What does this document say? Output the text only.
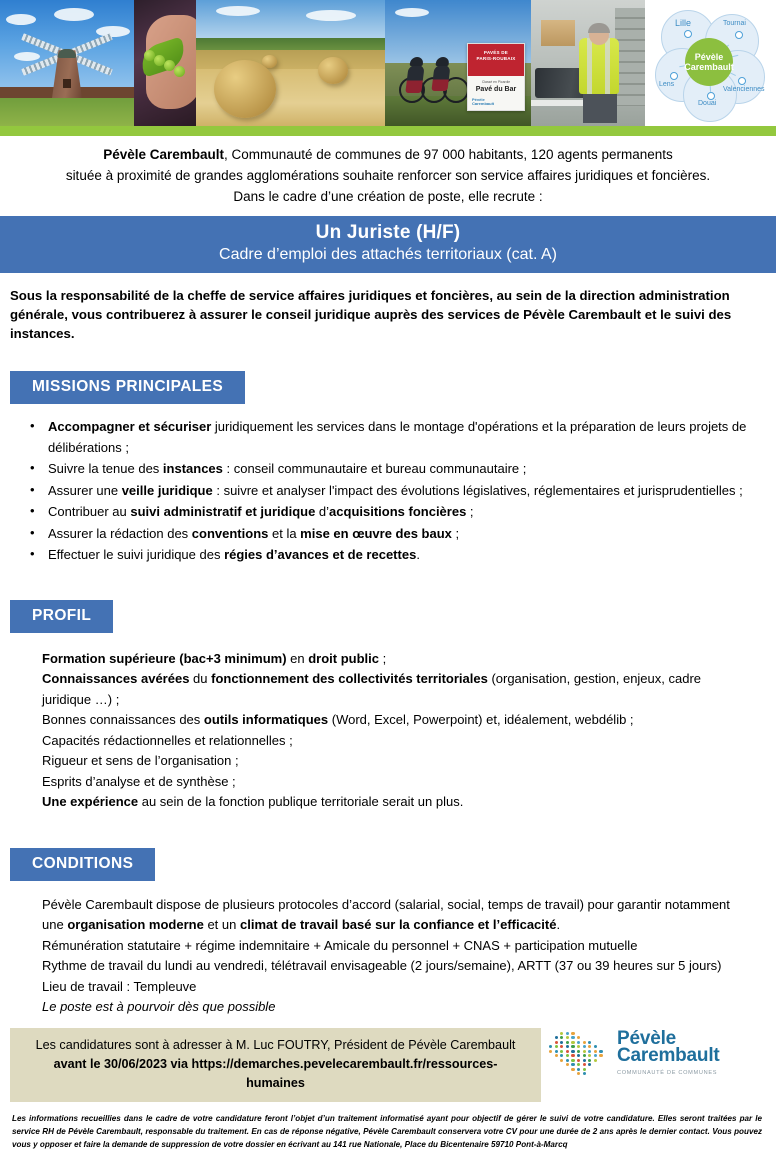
PAVÉS DE
PARIS-ROUBAIX
Classé en Picardie
Pavé du Bar
Pévèle
Carembault
Pévèle Carembault
Lille	Tournai
Lens
Valenciennes
Douai
Pévèle Carembault, Communauté de communes de 97 000 habitants, 120 agents permanents
située à proximité de grandes agglomérations souhaite renforcer son service affaires juridiques et foncières.
Dans le cadre d’une création de poste, elle recrute :
Un Juriste (H/F)
Cadre d’emploi des attachés territoriaux (cat. A)
Sous la responsabilité de la cheffe de service affaires juridiques et foncières, au sein de la direction administration générale, vous contribuerez à assurer le conseil juridique auprès des services de Pévèle Carembault et le suivi des instances.
MISSIONS PRINCIPALES
• Accompagner et sécuriser juridiquement les services dans le montage d'opérations et la préparation de leurs projets de délibérations ;
• Suivre la tenue des instances : conseil communautaire et bureau communautaire ;
• Assurer une veille juridique : suivre et analyser l'impact des évolutions législatives, réglementaires et jurisprudentielles ;
• Contribuer au suivi administratif et juridique d’acquisitions foncières ;
• Assurer la rédaction des conventions et la mise en œuvre des baux ;
• Effectuer le suivi juridique des régies d’avances et de recettes.
PROFIL
Formation supérieure (bac+3 minimum) en droit public ;
Connaissances avérées du fonctionnement des collectivités territoriales (organisation, gestion, enjeux, cadre juridique …) ;
Bonnes connaissances des outils informatiques (Word, Excel, Powerpoint) et, idéalement, webdélib ;
Capacités rédactionnelles et relationnelles ;
Rigueur et sens de l’organisation ;
Esprits d’analyse et de synthèse ;
Une expérience au sein de la fonction publique territoriale serait un plus.
CONDITIONS
Pévèle Carembault dispose de plusieurs protocoles d’accord (salarial, social, temps de travail) pour garantir notamment une organisation moderne et un climat de travail basé sur la confiance et l’efficacité.
Rémunération statutaire + régime indemnitaire + Amicale du personnel + CNAS + participation mutuelle
Rythme de travail du lundi au vendredi, télétravail envisageable (2 jours/semaine), ARTT (37 ou 39 heures sur 5 jours)
Lieu de travail : Templeuve
Le poste est à pourvoir dès que possible
Les candidatures sont à adresser à M. Luc FOUTRY, Président de Pévèle Carembault
avant le 30/06/2023 via https://demarches.pevelecarembault.fr/ressources-
humaines
Pévèle
Carembault
COMMUNAUTÉ DE COMMUNES
Les informations recueillies dans le cadre de votre candidature feront l’objet d’un traitement informatisé ayant pour objectif de gérer le suivi de votre candidature. Elles seront traitées par le service RH de Pévèle Carembault, responsable du traitement. En cas de réponse négative, Pévèle Carembault conservera votre CV pour une durée de 2 ans après le dernier contact. Vous pouvez vous y opposer et faire la demande de suppression de votre dossier en écrivant au 141 rue Nationale, Place du Bicentenaire 59710 Pont-à-Marcq
